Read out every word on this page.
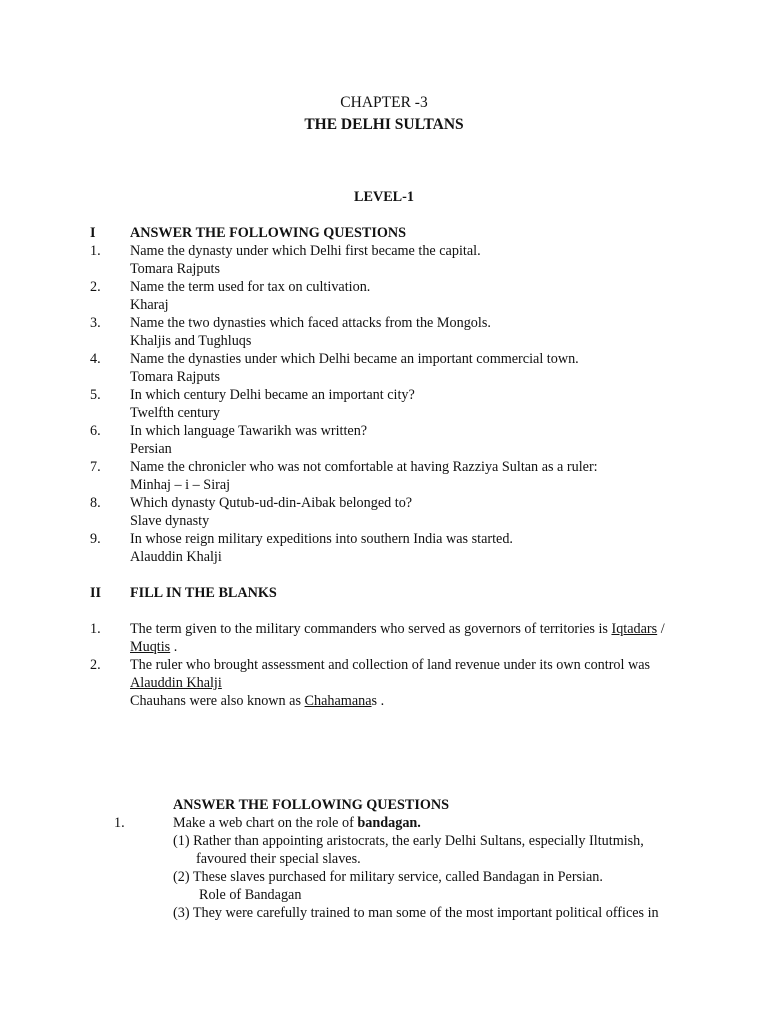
CHAPTER -3
THE DELHI SULTANS
LEVEL-1
I ANSWER THE FOLLOWING QUESTIONS
1. Name the dynasty under which Delhi first became the capital.
Tomara Rajputs
2. Name the term used for tax on cultivation.
Kharaj
3. Name the two dynasties which faced attacks from the Mongols.
Khaljis and Tughluqs
4. Name the dynasties under which Delhi became an important commercial town.
Tomara Rajputs
5. In which century Delhi became an important city?
Twelfth century
6. In which language Tawarikh was written?
Persian
7. Name the chronicler who was not comfortable at having Razziya Sultan as a ruler:
Minhaj – i – Siraj
8. Which dynasty Qutub-ud-din-Aibak belonged to?
Slave dynasty
9. In whose reign military expeditions into southern India was started.
Alauddin Khalji
II FILL IN THE BLANKS
1. The term given to the military commanders who served as governors of territories is Iqtadars /
Muqtis .
2. The ruler who brought assessment and collection of land revenue under its own control was
Alauddin Khalji
Chauhans were also known as Chahamanas .
ANSWER THE FOLLOWING QUESTIONS
1.	Make a web chart on the role of bandagan.
(1) Rather than appointing aristocrats, the early Delhi Sultans, especially Iltutmish,
favoured their special slaves.
(2) These slaves purchased for military service, called Bandagan in Persian.
Role of Bandagan
(3) They were carefully trained to man some of the most important political offices in
